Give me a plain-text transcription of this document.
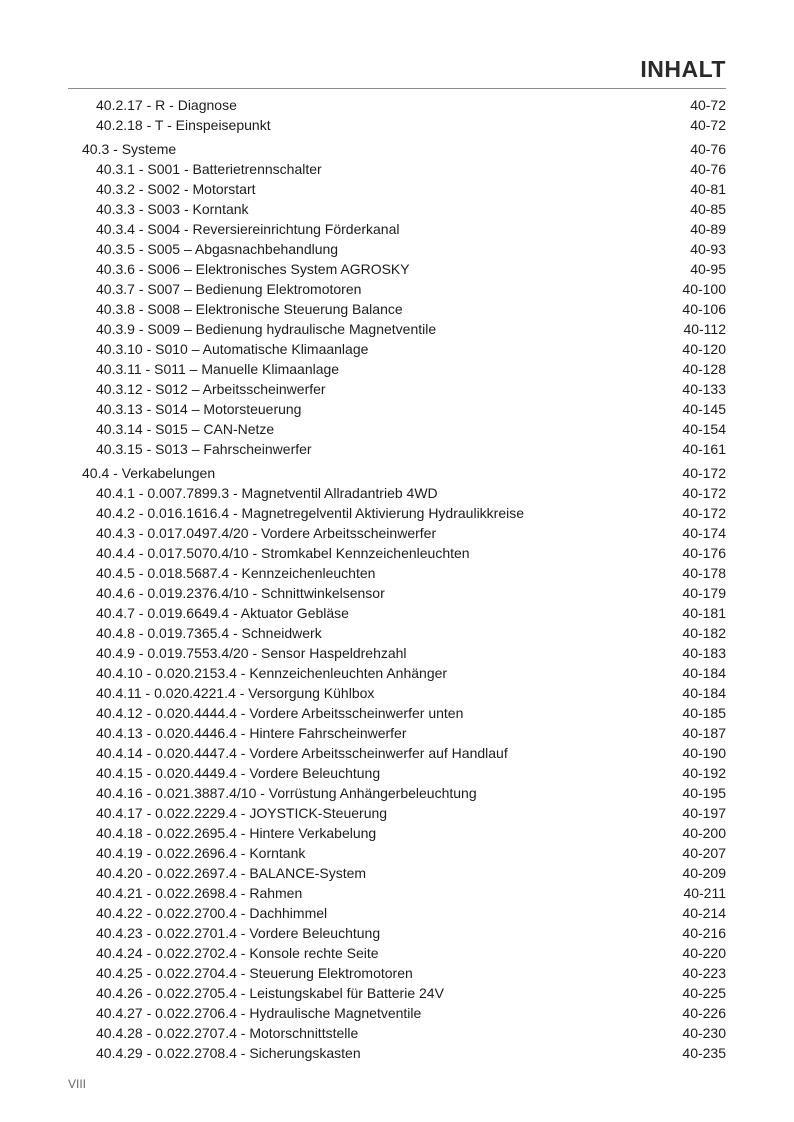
INHALT
40.2.17 - R - Diagnose	40-72
40.2.18 - T - Einspeisepunkt	40-72
40.3 - Systeme	40-76
40.3.1 - S001 - Batterietrennschalter	40-76
40.3.2 - S002 - Motorstart	40-81
40.3.3 - S003 - Korntank	40-85
40.3.4 - S004 - Reversiereinrichtung Förderkanal	40-89
40.3.5 - S005 – Abgasnachbehandlung	40-93
40.3.6 - S006 – Elektronisches System AGROSKY	40-95
40.3.7 - S007 – Bedienung Elektromotoren	40-100
40.3.8 - S008 – Elektronische Steuerung Balance	40-106
40.3.9 - S009 – Bedienung hydraulische Magnetventile	40-112
40.3.10 - S010 – Automatische Klimaanlage	40-120
40.3.11 - S011 – Manuelle Klimaanlage	40-128
40.3.12 - S012 – Arbeitsscheinwerfer	40-133
40.3.13 - S014 – Motorsteuerung	40-145
40.3.14 - S015 – CAN-Netze	40-154
40.3.15 - S013 – Fahrscheinwerfer	40-161
40.4 - Verkabelungen	40-172
40.4.1 - 0.007.7899.3 - Magnetventil Allradantrieb 4WD	40-172
40.4.2 - 0.016.1616.4 - Magnetregelventil Aktivierung Hydraulikkreise	40-172
40.4.3 - 0.017.0497.4/20 - Vordere Arbeitsscheinwerfer	40-174
40.4.4 - 0.017.5070.4/10 - Stromkabel Kennzeichenleuchten	40-176
40.4.5 - 0.018.5687.4 - Kennzeichenleuchten	40-178
40.4.6 - 0.019.2376.4/10 - Schnittwinkelsensor	40-179
40.4.7 - 0.019.6649.4 - Aktuator Gebläse	40-181
40.4.8 - 0.019.7365.4 - Schneidwerk	40-182
40.4.9 - 0.019.7553.4/20 - Sensor Haspeldrehzahl	40-183
40.4.10 - 0.020.2153.4 - Kennzeichenleuchten Anhänger	40-184
40.4.11 - 0.020.4221.4 - Versorgung Kühlbox	40-184
40.4.12 - 0.020.4444.4 - Vordere Arbeitsscheinwerfer unten	40-185
40.4.13 - 0.020.4446.4 - Hintere Fahrscheinwerfer	40-187
40.4.14 - 0.020.4447.4 - Vordere Arbeitsscheinwerfer auf Handlauf	40-190
40.4.15 - 0.020.4449.4 - Vordere Beleuchtung	40-192
40.4.16 - 0.021.3887.4/10 - Vorrüstung Anhängerbeleuchtung	40-195
40.4.17 - 0.022.2229.4 - JOYSTICK-Steuerung	40-197
40.4.18 - 0.022.2695.4 - Hintere Verkabelung	40-200
40.4.19 - 0.022.2696.4 - Korntank	40-207
40.4.20 - 0.022.2697.4 - BALANCE-System	40-209
40.4.21 - 0.022.2698.4 - Rahmen	40-211
40.4.22 - 0.022.2700.4 - Dachhimmel	40-214
40.4.23 - 0.022.2701.4 - Vordere Beleuchtung	40-216
40.4.24 - 0.022.2702.4 - Konsole rechte Seite	40-220
40.4.25 - 0.022.2704.4 - Steuerung Elektromotoren	40-223
40.4.26 - 0.022.2705.4 - Leistungskabel für Batterie 24V	40-225
40.4.27 - 0.022.2706.4 - Hydraulische Magnetventile	40-226
40.4.28 - 0.022.2707.4 - Motorschnittstelle	40-230
40.4.29 - 0.022.2708.4 - Sicherungskasten	40-235
VIII
